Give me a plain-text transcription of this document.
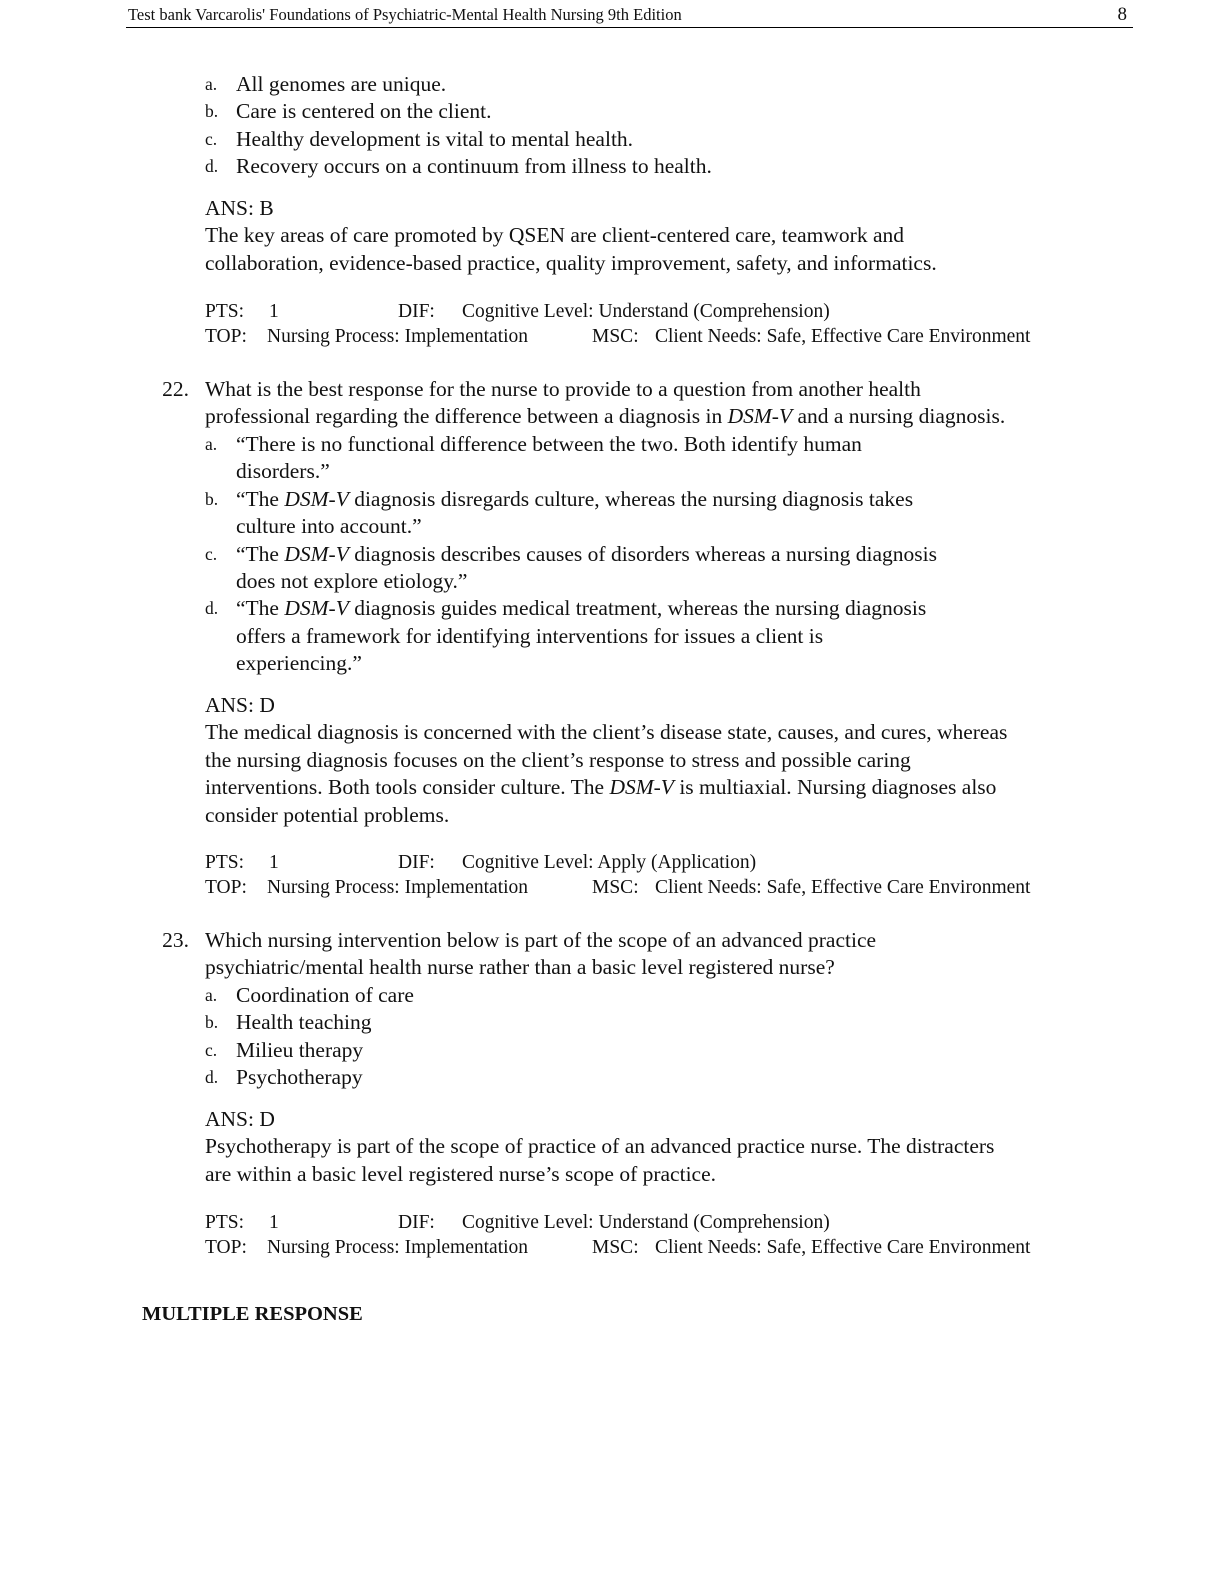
Test bank Varcarolis' Foundations of Psychiatric-Mental Health Nursing 9th Edition	8
a. All genomes are unique.
b. Care is centered on the client.
c. Healthy development is vital to mental health.
d. Recovery occurs on a continuum from illness to health.
ANS: B
The key areas of care promoted by QSEN are client-centered care, teamwork and
collaboration, evidence-based practice, quality improvement, safety, and informatics.
PTS: 1	DIF: Cognitive Level: Understand (Comprehension)
TOP: Nursing Process: Implementation	MSC: Client Needs: Safe, Effective Care Environment
22. What is the best response for the nurse to provide to a question from another health
professional regarding the difference between a diagnosis in DSM-V and a nursing diagnosis.
a. “There is no functional difference between the two. Both identify human
disorders.”
b. “The DSM-V diagnosis disregards culture, whereas the nursing diagnosis takes
culture into account.”
c. “The DSM-V diagnosis describes causes of disorders whereas a nursing diagnosis
does not explore etiology.”
d. “The DSM-V diagnosis guides medical treatment, whereas the nursing diagnosis
offers a framework for identifying interventions for issues a client is
experiencing.”
ANS: D
The medical diagnosis is concerned with the client’s disease state, causes, and cures, whereas
the nursing diagnosis focuses on the client’s response to stress and possible caring
interventions. Both tools consider culture. The DSM-V is multiaxial. Nursing diagnoses also
consider potential problems.
PTS: 1	DIF: Cognitive Level: Apply (Application)
TOP: Nursing Process: Implementation	MSC: Client Needs: Safe, Effective Care Environment
23. Which nursing intervention below is part of the scope of an advanced practice
psychiatric/mental health nurse rather than a basic level registered nurse?
a. Coordination of care
b. Health teaching
c. Milieu therapy
d. Psychotherapy
ANS: D
Psychotherapy is part of the scope of practice of an advanced practice nurse. The distracters
are within a basic level registered nurse’s scope of practice.
PTS: 1	DIF: Cognitive Level: Understand (Comprehension)
TOP: Nursing Process: Implementation	MSC: Client Needs: Safe, Effective Care Environment
MULTIPLE RESPONSE
